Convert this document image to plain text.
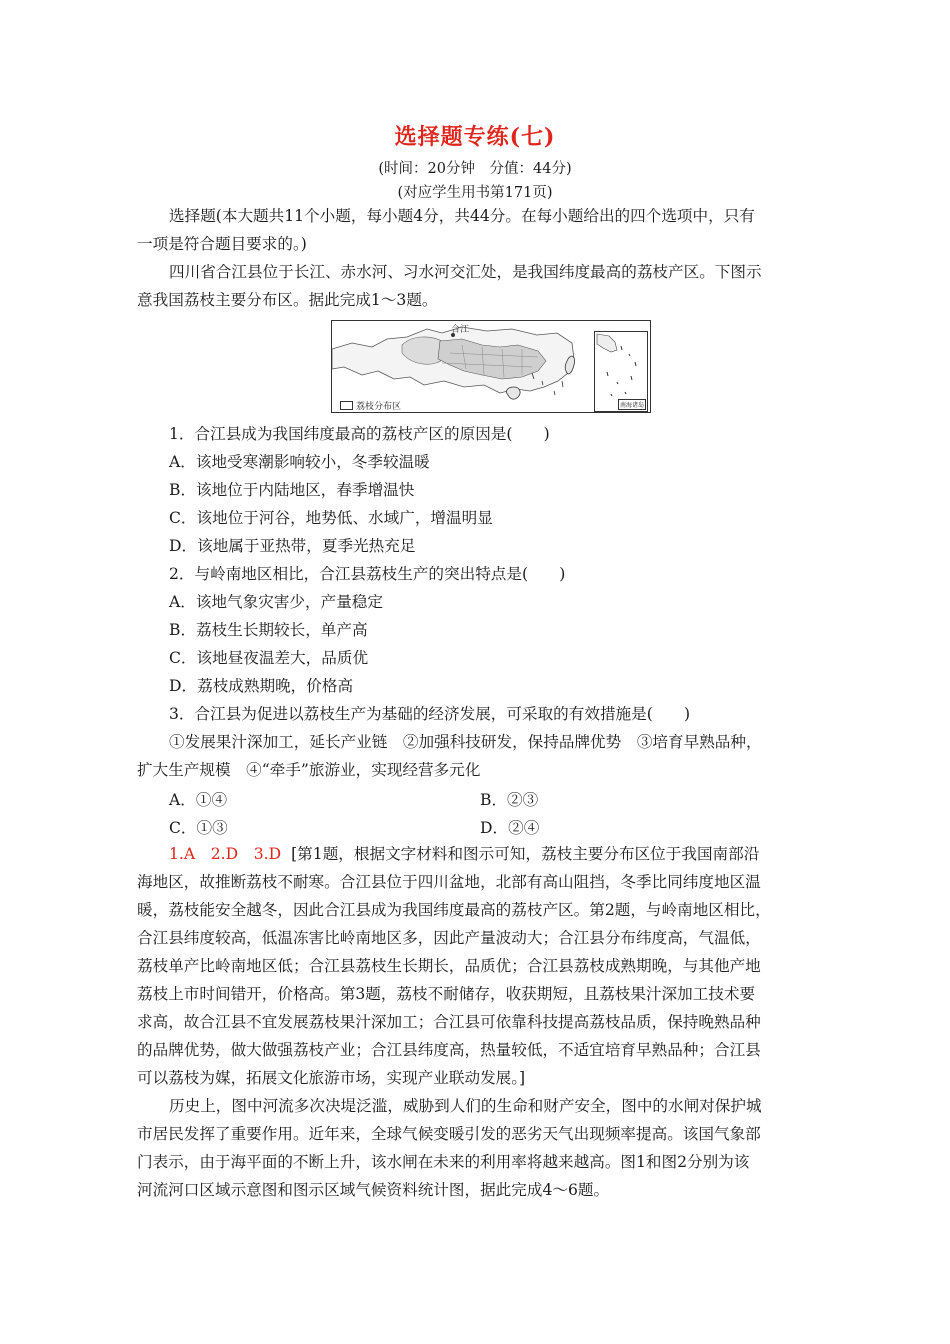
选择题专练(七)
(时间：20分钟　分值：44分)
(对应学生用书第171页)
选择题(本大题共11个小题，每小题4分，共44分。在每小题给出的四个选项中，只有
一项是符合题目要求的。)
四川省合江县位于长江、赤水河、习水河交汇处，是我国纬度最高的荔枝产区。下图示
意我国荔枝主要分布区。据此完成1～3题。
合江
荔枝分布区	南海诸岛
1．合江县成为我国纬度最高的荔枝产区的原因是(　　)
A．该地受寒潮影响较小，冬季较温暖
B．该地位于内陆地区，春季增温快
C．该地位于河谷，地势低、水域广，增温明显
D．该地属于亚热带，夏季光热充足
2．与岭南地区相比，合江县荔枝生产的突出特点是(　　)
A．该地气象灾害少，产量稳定
B．荔枝生长期较长，单产高
C．该地昼夜温差大，品质优
D．荔枝成熟期晚，价格高
3．合江县为促进以荔枝生产为基础的经济发展，可采取的有效措施是(　　)
①发展果汁深加工，延长产业链　②加强科技研发，保持品牌优势　③培育早熟品种，
扩大生产规模　④“牵手”旅游业，实现经营多元化
A．①④	B．②③
C．①③	D．②④
1.A　2.D　3.D [第1题，根据文字材料和图示可知，荔枝主要分布区位于我国南部沿
海地区，故推断荔枝不耐寒。合江县位于四川盆地，北部有高山阻挡，冬季比同纬度地区温
暖，荔枝能安全越冬，因此合江县成为我国纬度最高的荔枝产区。第2题，与岭南地区相比，
合江县纬度较高，低温冻害比岭南地区多，因此产量波动大；合江县分布纬度高，气温低，
荔枝单产比岭南地区低；合江县荔枝生长期长，品质优；合江县荔枝成熟期晚，与其他产地
荔枝上市时间错开，价格高。第3题，荔枝不耐储存，收获期短，且荔枝果汁深加工技术要
求高，故合江县不宜发展荔枝果汁深加工；合江县可依靠科技提高荔枝品质，保持晚熟品种
的品牌优势，做大做强荔枝产业；合江县纬度高，热量较低，不适宜培育早熟品种；合江县
可以荔枝为媒，拓展文化旅游市场，实现产业联动发展。]
历史上，图中河流多次决堤泛滥，威胁到人们的生命和财产安全，图中的水闸对保护城
市居民发挥了重要作用。近年来，全球气候变暖引发的恶劣天气出现频率提高。该国气象部
门表示，由于海平面的不断上升，该水闸在未来的利用率将越来越高。图1和图2分别为该
河流河口区域示意图和图示区域气候资料统计图，据此完成4～6题。
